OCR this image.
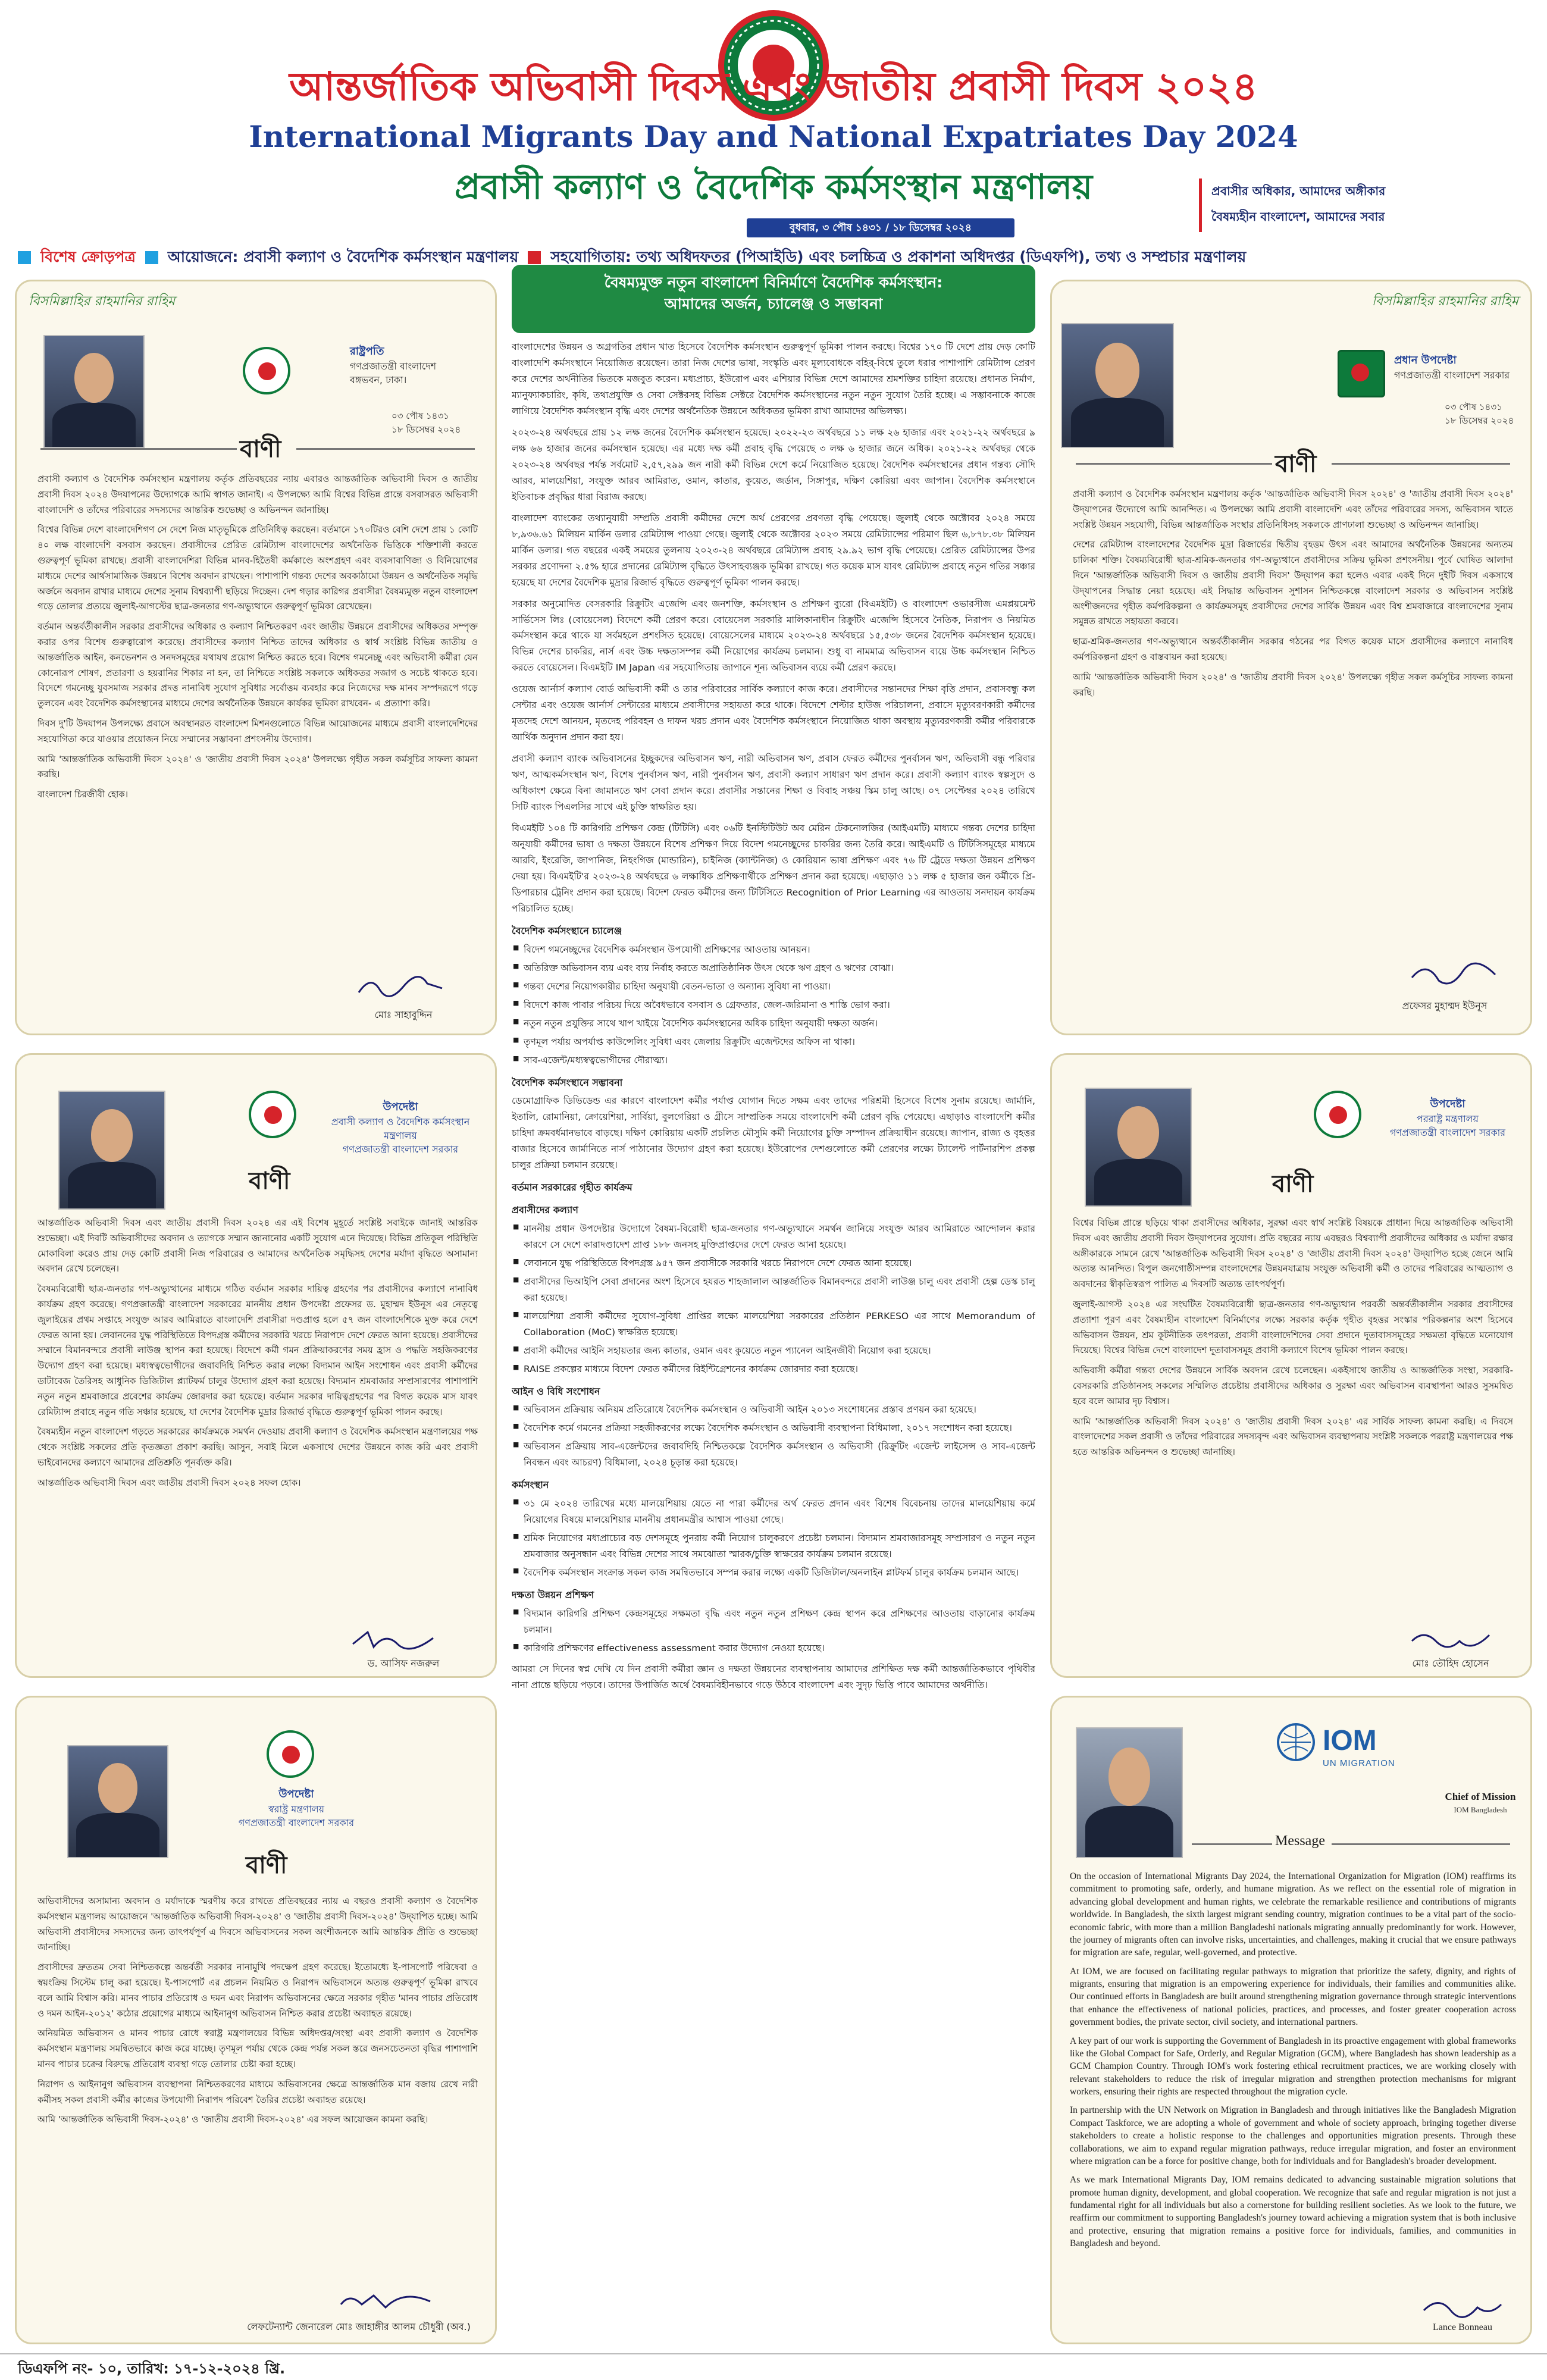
আন্তর্জাতিক অভিবাসী দিবস এবং জাতীয় প্রবাসী দিবস ২০২৪
International Migrants Day and National Expatriates Day 2024
প্রবাসী কল্যাণ ও বৈদেশিক কর্মসংস্থান মন্ত্রণালয়	প্রবাসীর অধিকার, আমাদের অঙ্গীকার
বৈষম্যহীন বাংলাদেশ, আমাদের সবার
বুধবার, ৩ পৌষ ১৪৩১ / ১৮ ডিসেম্বর ২০২৪
বিশেষ ক্রোড়পত্র আয়োজনে: প্রবাসী কল্যাণ ও বৈদেশিক কর্মসংস্থান মন্ত্রণালয় সহযোগিতায়: তথ্য অধিদফতর (পিআইডি) এবং চলচ্চিত্র ও প্রকাশনা অধিদপ্তর (ডিএফপি), তথ্য ও সম্প্রচার মন্ত্রণালয়
বিসমিল্লাহির রাহমানির রাহিম
রাষ্ট্রপতি
গণপ্রজাতন্ত্রী বাংলাদেশ
বঙ্গভবন, ঢাকা।
০৩ পৌষ ১৪৩১
১৮ ডিসেম্বর ২০২৪
বাণী

প্রবাসী কল্যাণ ও বৈদেশিক কর্মসংস্থান মন্ত্রণালয় কর্তৃক প্রতিবছরের ন্যায় এবারও আন্তর্জাতিক অভিবাসী দিবস ও জাতীয় প্রবাসী দিবস ২০২৪ উদযাপনের উদ্যোগকে আমি স্বাগত জানাই। এ উপলক্ষ্যে আমি বিশ্বের বিভিন্ন প্রান্তে বসবাসরত অভিবাসী বাংলাদেশি ও তাঁদের পরিবারের সদস্যদের আন্তরিক শুভেচ্ছা ও অভিনন্দন জানাচ্ছি।

বিশ্বের বিভিন্ন দেশে বাংলাদেশিগণ সে দেশে নিজ মাতৃভূমিকে প্রতিনিধিত্ব করছেন। বর্তমানে ১৭০টিরও বেশি দেশে প্রায় ১ কোটি ৪০ লক্ষ বাংলাদেশি বসবাস করছেন। প্রবাসীদের প্রেরিত রেমিট্যান্স বাংলাদেশের অর্থনৈতিক ভিত্তিকে শক্তিশালী করতে গুরুত্বপূর্ণ ভূমিকা রাখছে। প্রবাসী বাংলাদেশিরা বিভিন্ন মানব-হিতৈষী কর্মকাণ্ডে অংশগ্রহণ এবং ব্যবসাবাণিজ্য ও বিনিয়োগের মাধ্যমে দেশের আর্থসামাজিক উন্নয়নে বিশেষ অবদান রাখছেন। পাশাপাশি গন্তব্য দেশের অবকাঠামো উন্নয়ন ও অর্থনৈতিক সমৃদ্ধি অর্জনে অবদান রাখার মাধ্যমে দেশের সুনাম বিশ্বব্যাপী ছড়িয়ে দিচ্ছেন। দেশ গড়ার কারিগর প্রবাসীরা বৈষম্যমুক্ত নতুন বাংলাদেশ গড়ে তোলার প্রত্যয়ে জুলাই-আগস্টের ছাত্র-জনতার গণ-অভ্যুত্থানে গুরুত্বপূর্ণ ভূমিকা রেখেছেন।

বর্তমান অন্তর্বর্তীকালীন সরকার প্রবাসীদের অধিকার ও কল্যাণ নিশ্চিতকরণ এবং জাতীয় উন্নয়নে প্রবাসীদের অধিকতর সম্পৃক্ত করার ওপর বিশেষ গুরুত্বারোপ করেছে। প্রবাসীদের কল্যাণ নিশ্চিত তাদের অধিকার ও স্বার্থ সংশ্লিষ্ট বিভিন্ন জাতীয় ও আন্তর্জাতিক আইন, কনভেনশন ও সনদসমূহের যথাযথ প্রয়োগ নিশ্চিত করতে হবে। বিশেষ গমনেচ্ছু এবং অভিবাসী কর্মীরা যেন কোনোরূপ শোষণ, প্রতারণা ও হয়রানির শিকার না হন, তা নিশ্চিতে সংশ্লিষ্ট সকলকে অধিকতর সজাগ ও সচেষ্ট থাকতে হবে। বিদেশে গমনেচ্ছু যুবসমাজ সরকার প্রদত্ত নানাবিধ সুযোগ সুবিধার সর্বোত্তম ব্যবহার করে নিজেদের দক্ষ মানব সম্পদরূপে গড়ে তুলবেন এবং বৈদেশিক কর্মসংস্থানের মাধ্যমে দেশের অর্থনৈতিক উন্নয়নে কার্যকর ভূমিকা রাখবেন- এ প্রত্যাশা করি।

দিবস দু'টি উদযাপন উপলক্ষ্যে প্রবাসে অবস্থানরত বাংলাদেশ মিশনগুলোতে বিভিন্ন আয়োজনের মাধ্যমে প্রবাসী বাংলাদেশিদের সহযোগিতা করে যাওয়ার প্রয়োজন নিয়ে সম্মানের সম্ভাবনা প্রশংসনীয় উদ্যোগ।

আমি 'আন্তর্জাতিক অভিবাসী দিবস ২০২৪' ও 'জাতীয় প্রবাসী দিবস ২০২৪' উপলক্ষ্যে গৃহীত সকল কর্মসূচির সাফল্য কামনা করছি।

বাংলাদেশ চিরজীবী হোক।

মোঃ সাহাবুদ্দিন
বিসমিল্লাহির রাহমানির রাহিম
প্রধান উপদেষ্টা
গণপ্রজাতন্ত্রী বাংলাদেশ সরকার
০৩ পৌষ ১৪৩১
১৮ ডিসেম্বর ২০২৪
বাণী

প্রবাসী কল্যাণ ও বৈদেশিক কর্মসংস্থান মন্ত্রণালয় কর্তৃক 'আন্তর্জাতিক অভিবাসী দিবস ২০২৪' ও 'জাতীয় প্রবাসী দিবস ২০২৪' উদ্‌যাপনের উদ্যোগে আমি আনন্দিত। এ উপলক্ষ্যে আমি প্রবাসী বাংলাদেশি এবং তাঁদের পরিবারের সদস্য, অভিবাসন খাতে সংশ্লিষ্ট উন্নয়ন সহযোগী, বিভিন্ন আন্তর্জাতিক সংস্থার প্রতিনিধিসহ সকলকে প্রাণঢালা শুভেচ্ছা ও অভিনন্দন জানাচ্ছি।

দেশের রেমিট্যান্স বাংলাদেশের বৈদেশিক মুদ্রা রিজার্ভের দ্বিতীয় বৃহত্তম উৎস এবং আমাদের অর্থনৈতিক উন্নয়নের অন্যতম চালিকা শক্তি। বৈষম্যবিরোধী ছাত্র-শ্রমিক-জনতার গণ-অভ্যুত্থানে প্রবাসীদের সক্রিয় ভূমিকা প্রশংসনীয়। পূর্বে ঘোষিত আলাদা দিনে 'আন্তর্জাতিক অভিবাসী দিবস ও জাতীয় প্রবাসী দিবস' উদ্‌যাপন করা হলেও এবার একই দিনে দুইটি দিবস একসাথে উদ্‌যাপনের সিদ্ধান্ত নেয়া হয়েছে। এই সিদ্ধান্ত অভিবাসন সুশাসন নিশ্চিতকল্পে বাংলাদেশ সরকার ও অভিবাসন সংশ্লিষ্ট অংশীজনদের গৃহীত কর্মপরিকল্পনা ও কার্যক্রমসমূহ প্রবাসীদের দেশের সার্বিক উন্নয়ন এবং বিশ্ব শ্রমবাজারে বাংলাদেশের সুনাম সমুন্নত রাখতে সহায়তা করবে।

ছাত্র-শ্রমিক-জনতার গণ-অভ্যুত্থানে অন্তর্বর্তীকালীন সরকার গঠনের পর বিগত কয়েক মাসে প্রবাসীদের কল্যাণে নানাবিধ কর্মপরিকল্পনা গ্রহণ ও বাস্তবায়ন করা হয়েছে।

আমি 'আন্তর্জাতিক অভিবাসী দিবস ২০২৪' ও 'জাতীয় প্রবাসী দিবস ২০২৪' উপলক্ষ্যে গৃহীত সকল কর্মসূচির সাফল্য কামনা করছি।

প্রফেসর মুহাম্মদ ইউনূস
উপদেষ্টা
প্রবাসী কল্যাণ ও বৈদেশিক কর্মসংস্থান মন্ত্রণালয়
গণপ্রজাতন্ত্রী বাংলাদেশ সরকার
বাণী

আন্তর্জাতিক অভিবাসী দিবস এবং জাতীয় প্রবাসী দিবস ২০২৪ এর এই বিশেষ মুহূর্তে সংশ্লিষ্ট সবাইকে জানাই আন্তরিক শুভেচ্ছা। এই দিবটি অভিবাসীদের অবদান ও ত্যাগকে সম্মান জানানোর একটি সুযোগ এনে দিয়েছে। বিভিন্ন প্রতিকূল পরিস্থিতি মোকাবিলা করেও প্রায় দেড় কোটি প্রবাসী নিজ পরিবারের ও আমাদের অর্থনৈতিক সমৃদ্ধিসহ দেশের মর্যাদা বৃদ্ধিতে অসামান্য অবদান রেখে চলেছেন।

বৈষম্যবিরোধী ছাত্র-জনতার গণ-অভ্যুত্থানের মাধ্যমে গঠিত বর্তমান সরকার দায়িত্ব গ্রহণের পর প্রবাসীদের কল্যাণে নানাবিধ কার্যক্রম গ্রহণ করেছে। গণপ্রজাতন্ত্রী বাংলাদেশ সরকারের মাননীয় প্রধান উপদেষ্টা প্রফেসর ড. মুহাম্মদ ইউনূস এর নেতৃত্বে জুলাইয়ের প্রথম সপ্তাহে সংযুক্ত আরব আমিরাতে বাংলাদেশি প্রবাসীরা দণ্ডপ্রাপ্ত হলে ৫৭ জন বাংলাদেশিকে মুক্ত করে দেশে ফেরত আনা হয়। লেবাননের যুদ্ধ পরিস্থিতিতে বিপদগ্রস্ত কর্মীদের সরকারি খরচে নিরাপদে দেশে ফেরত আনা হয়েছে। প্রবাসীদের সম্মানে বিমানবন্দরে প্রবাসী লাউঞ্জ স্থাপন করা হয়েছে। বিদেশে কর্মী গমন প্রক্রিয়াকরণের সময় হ্রাস ও পদ্ধতি সহজিকরণের উদ্যোগ গ্রহণ করা হয়েছে। মধ্যস্বত্বভোগীদের জবাবদিহি নিশ্চিত করার লক্ষ্যে বিদ্যমান আইন সংশোধন এবং প্রবাসী কর্মীদের ডাটাবেজ তৈরিসহ আধুনিক ডিজিটাল প্ল্যাটফর্ম চালুর উদ্যোগ গ্রহণ করা হয়েছে। বিদ্যমান শ্রমবাজার সম্প্রসারণের পাশাপাশি নতুন নতুন শ্রমবাজারে প্রবেশের কার্যক্রম জোরদার করা হয়েছে। বর্তমান সরকার দায়িত্বগ্রহণের পর বিগত কয়েক মাস যাবৎ রেমিট্যান্স প্রবাহে নতুন গতি সঞ্চার হয়েছে, যা দেশের বৈদেশিক মুদ্রার রিজার্ভ বৃদ্ধিতে গুরুত্বপূর্ণ ভূমিকা পালন করছে।

বৈষম্যহীন নতুন বাংলাদেশ গড়তে সরকারের কার্যক্রমকে সমর্থন দেওয়ায় প্রবাসী কল্যাণ ও বৈদেশিক কর্মসংস্থান মন্ত্রণালয়ের পক্ষ থেকে সংশ্লিষ্ট সকলের প্রতি কৃতজ্ঞতা প্রকাশ করছি। আসুন, সবাই মিলে একসাথে দেশের উন্নয়নে কাজ করি এবং প্রবাসী ভাইবোনদের কল্যাণে আমাদের প্রতিশ্রুতি পূনর্ব্যক্ত করি।

আন্তর্জাতিক অভিবাসী দিবস এবং জাতীয় প্রবাসী দিবস ২০২৪ সফল হোক।

ড. আসিফ নজরুল
উপদেষ্টা
পররাষ্ট্র মন্ত্রণালয়
গণপ্রজাতন্ত্রী বাংলাদেশ সরকার
বাণী

বিশ্বের বিভিন্ন প্রান্তে ছড়িয়ে থাকা প্রবাসীদের অধিকার, সুরক্ষা এবং স্বার্থ সংশ্লিষ্ট বিষয়কে প্রাধান্য দিয়ে আন্তর্জাতিক অভিবাসী দিবস এবং জাতীয় প্রবাসী দিবস উদ্‌যাপনের সুযোগ। প্রতি বছরের ন্যায় এবছরও বিশ্বব্যাপী প্রবাসীদের অধিকার ও মর্যাদা রক্ষার অঙ্গীকারকে সামনে রেখে 'আন্তর্জাতিক অভিবাসী দিবস ২০২৪' ও 'জাতীয় প্রবাসী দিবস ২০২৪' উদ্‌যাপিত হচ্ছে জেনে আমি অত্যন্ত আনন্দিত। বিপুল জনগোষ্ঠীসম্পন্ন বাংলাদেশের উন্নয়নযাত্রায় সংযুক্ত অভিবাসী কর্মী ও তাদের পরিবারের আত্মত্যাগ ও অবদানের স্বীকৃতিস্বরূপ পালিত এ দিবসটি অত্যন্ত তাৎপর্যপূর্ণ।

জুলাই-আগস্ট ২০২৪ এর সংঘটিত বৈষম্যবিরোধী ছাত্র-জনতার গণ-অভ্যুত্থান পরবর্তী অন্তর্বর্তীকালীন সরকার প্রবাসীদের প্রত্যাশা পূরণ এবং বৈষম্যহীন বাংলাদেশ বিনির্মাণের লক্ষ্যে সরকার কর্তৃক গৃহীত বৃহত্তর সংস্কার পরিকল্পনার অংশ হিসেবে অভিবাসন উন্নয়ন, শ্রম কূটনীতিক তৎপরতা, প্রবাসী বাংলাদেশিদের সেবা প্রদানে দূতাবাসসমূহের সক্ষমতা বৃদ্ধিতে মনোযোগ দিয়েছে। বিশ্বের বিভিন্ন দেশে বাংলাদেশ দূতাবাসসমূহ প্রবাসী কল্যাণে বিশেষ ভূমিকা পালন করছে।

অভিবাসী কর্মীরা গন্তব্য দেশের উন্নয়নে সার্বিক অবদান রেখে চলেছেন। একইসাথে জাতীয় ও আন্তর্জাতিক সংস্থা, সরকারি-বেসরকারি প্রতিষ্ঠানসহ সকলের সম্মিলিত প্রচেষ্টায় প্রবাসীদের অধিকার ও সুরক্ষা এবং অভিবাসন ব্যবস্থাপনা আরও সুসমন্বিত হবে বলে আমার দৃঢ় বিশ্বাস।

আমি 'আন্তর্জাতিক অভিবাসী দিবস ২০২৪' ও 'জাতীয় প্রবাসী দিবস ২০২৪' এর সার্বিক সাফল্য কামনা করছি। এ দিবসে বাংলাদেশের সকল প্রবাসী ও তাঁদের পরিবারের সদস্যবৃন্দ এবং অভিবাসন ব্যবস্থাপনায় সংশ্লিষ্ট সকলকে পররাষ্ট্র মন্ত্রণালয়ের পক্ষ হতে আন্তরিক অভিনন্দন ও শুভেচ্ছা জানাচ্ছি।

মোঃ তৌহিদ হোসেন
উপদেষ্টা
স্বরাষ্ট্র মন্ত্রণালয়
গণপ্রজাতন্ত্রী বাংলাদেশ সরকার
বাণী

অভিবাসীদের অসামান্য অবদান ও মর্যাদাকে স্মরণীয় করে রাখতে প্রতিবছরের ন্যায় এ বছরও প্রবাসী কল্যাণ ও বৈদেশিক কর্মসংস্থান মন্ত্রণালয় আয়োজনে 'আন্তর্জাতিক অভিবাসী দিবস-২০২৪' ও 'জাতীয় প্রবাসী দিবস-২০২৪' উদ্‌যাপিত হচ্ছে। আমি অভিবাসী প্রবাসীদের সদস্যদের জন্য তাৎপর্যপূর্ণ এ দিবসে অভিবাসনের সকল অংশীজনকে আমি আন্তরিক প্রীতি ও শুভেচ্ছা জানাচ্ছি।

প্রবাসীদের দ্রুততম সেবা নিশ্চিতকল্পে অন্তর্বর্তী সরকার নানামুখি পদক্ষেপ গ্রহণ করেছে। ইতোমধ্যে ই-পাসপোর্ট পরিষেবা ও স্বয়ংক্রিয় সিস্টেম চালু করা হয়েছে। ই-পাসপোর্ট এর প্রচলন নিয়মিত ও নিরাপদ অভিবাসনে অত্যন্ত গুরুত্বপূর্ণ ভূমিকা রাখবে বলে আমি বিশ্বাস করি। মানব পাচার প্রতিরোধ ও দমন এবং নিরাপদ অভিবাসনের ক্ষেত্রে সরকার গৃহীত 'মানব পাচার প্রতিরোধ ও দমন আইন-২০১২' কঠোর প্রয়োগের মাধ্যমে আইনানুগ অভিবাসন নিশ্চিত করার প্রচেষ্টা অব্যাহত রয়েছে।

অনিয়মিত অভিবাসন ও মানব পাচার রোধে স্বরাষ্ট্র মন্ত্রণালয়ের বিভিন্ন অধিদপ্তর/সংস্থা এবং প্রবাসী কল্যাণ ও বৈদেশিক কর্মসংস্থান মন্ত্রণালয় সমন্বিতভাবে কাজ করে যাচ্ছে। তৃণমূল পর্যায় থেকে কেন্দ্র পর্যন্ত সকল স্তরে জনসচেতনতা বৃদ্ধির পাশাপাশি মানব পাচার চক্রের বিরুদ্ধে প্রতিরোধ ব্যবস্থা গড়ে তোলার চেষ্টা করা হচ্ছে।

নিরাপদ ও আইনানুগ অভিবাসন ব্যবস্থাপনা নিশ্চিতকরণের মাধ্যমে অভিবাসনের ক্ষেত্রে আন্তর্জাতিক মান বজায় রেখে নারী কর্মীসহ সকল প্রবাসী কর্মীর কাজের উপযোগী নিরাপদ পরিবেশ তৈরির প্রচেষ্টা অব্যাহত রয়েছে।

আমি 'আন্তর্জাতিক অভিবাসী দিবস-২০২৪' ও 'জাতীয় প্রবাসী দিবস-২০২৪' এর সফল আয়োজন কামনা করছি।

লেফটেন্যান্ট জেনারেল মোঃ জাহাঙ্গীর আলম চৌধুরী (অব.)
IOM
UN MIGRATION
Chief of Mission
IOM Bangladesh
Message

On the occasion of International Migrants Day 2024, the International Organization for Migration (IOM) reaffirms its commitment to promoting safe, orderly, and humane migration. As we reflect on the essential role of migration in advancing global development and human rights, we celebrate the remarkable resilience and contributions of migrants worldwide. In Bangladesh, the sixth largest migrant sending country, migration continues to be a vital part of the socio-economic fabric, with more than a million Bangladeshi nationals migrating annually predominantly for work. However, the journey of migrants often can involve risks, uncertainties, and challenges, making it crucial that we ensure pathways for migration are safe, regular, well-governed, and protective.

At IOM, we are focused on facilitating regular pathways to migration that prioritize the safety, dignity, and rights of migrants, ensuring that migration is an empowering experience for individuals, their families and communities alike. Our continued efforts in Bangladesh are built around strengthening migration governance through strategic interventions that enhance the effectiveness of national policies, practices, and processes, and foster greater cooperation across government bodies, the private sector, civil society, and international partners.

A key part of our work is supporting the Government of Bangladesh in its proactive engagement with global frameworks like the Global Compact for Safe, Orderly, and Regular Migration (GCM), where Bangladesh has shown leadership as a GCM Champion Country. Through IOM's work fostering ethical recruitment practices, we are working closely with relevant stakeholders to reduce the risk of irregular migration and strengthen protection mechanisms for migrant workers, ensuring their rights are respected throughout the migration cycle.

In partnership with the UN Network on Migration in Bangladesh and through initiatives like the Bangladesh Migration Compact Taskforce, we are adopting a whole of government and whole of society approach, bringing together diverse stakeholders to create a holistic response to the challenges and opportunities migration presents. Through these collaborations, we aim to expand regular migration pathways, reduce irregular migration, and foster an environment where migration can be a force for positive change, both for individuals and for Bangladesh's broader development.

As we mark International Migrants Day, IOM remains dedicated to advancing sustainable migration solutions that promote human dignity, development, and global cooperation. We recognize that safe and regular migration is not just a fundamental right for all individuals but also a cornerstone for building resilient societies. As we look to the future, we reaffirm our commitment to supporting Bangladesh's journey toward achieving a migration system that is both inclusive and protective, ensuring that migration remains a positive force for individuals, families, and communities in Bangladesh and beyond.

Lance Bonneau
বৈষম্যমুক্ত নতুন বাংলাদেশ বিনির্মাণে বৈদেশিক কর্মসংস্থান:
আমাদের অর্জন, চ্যালেঞ্জ ও সম্ভাবনা

বাংলাদেশের উন্নয়ন ও অগ্রগতির প্রধান খাত হিসেবে বৈদেশিক কর্মসংস্থান গুরুত্বপূর্ণ ভূমিকা পালন করছে। বিশ্বের ১৭০ টি দেশে প্রায় দেড় কোটি বাংলাদেশি কর্মসংস্থানে নিয়োজিত রয়েছেন। তারা নিজ দেশের ভাষা, সংস্কৃতি এবং মূল্যবোধকে বহির্-বিশ্বে তুলে ধরার পাশাপাশি রেমিট্যান্স প্রেরণ করে দেশের অর্থনীতির ভিতকে মজবুত করেন। মধ্যপ্রাচ্য, ইউরোপ এবং এশিয়ার বিভিন্ন দেশে আমাদের শ্রমশক্তির চাহিদা রয়েছে। প্রধানত নির্মাণ, ম্যানুফ্যাকচারিং, কৃষি, তথ্যপ্রযুক্তি ও সেবা সেক্টরসহ বিভিন্ন সেক্টরে বৈদেশিক কর্মসংস্থানের নতুন নতুন সুযোগ তৈরি হচ্ছে। এ সম্ভাবনাকে কাজে লাগিয়ে বৈদেশিক কর্মসংস্থান বৃদ্ধি এবং দেশের অর্থনৈতিক উন্নয়নে অধিকতর ভূমিকা রাখা আমাদের অভিলক্ষ্য।

২০২৩-২৪ অর্থবছরে প্রায় ১২ লক্ষ জনের বৈদেশিক কর্মসংস্থান হয়েছে। ২০২২-২৩ অর্থবছরে ১১ লক্ষ ২৬ হাজার এবং ২০২১-২২ অর্থবছরে ৯ লক্ষ ৬৬ হাজার জনের কর্মসংস্থান হয়েছে। এর মধ্যে দক্ষ কর্মী প্রবাহ বৃদ্ধি পেয়েছে ৩ লক্ষ ৬ হাজার জনে অধিক। ২০২১-২২ অর্থবছর থেকে ২০২৩-২৪ অর্থবছর পর্যন্ত সর্বমোট ২,৫৭,২৯৯ জন নারী কর্মী বিভিন্ন দেশে কর্মে নিয়োজিত হয়েছে। বৈদেশিক কর্মসংস্থানের প্রধান গন্তব্য সৌদি আরব, মালয়েশিয়া, সংযুক্ত আরব আমিরাত, ওমান, কাতার, কুয়েত, জর্ডান, সিঙ্গাপুর, দক্ষিণ কোরিয়া এবং জাপান। বৈদেশিক কর্মসংস্থানে ইতিবাচক প্রবৃদ্ধির ধারা বিরাজ করছে।

বাংলাদেশ ব্যাংকের তথ্যানুযায়ী সম্প্রতি প্রবাসী কর্মীদের দেশে অর্থ প্রেরণের প্রবণতা বৃদ্ধি পেয়েছে। জুলাই থেকে অক্টোবর ২০২৪ সময়ে ৮,৯৩৬.৬১ মিলিয়ন মার্কিন ডলার রেমিট্যান্স পাওয়া গেছে। জুলাই থেকে অক্টোবর ২০২৩ সময়ে রেমিট্যান্সের পরিমাণ ছিল ৬,৮৭৮.৩৮ মিলিয়ন মার্কিন ডলার। গত বছরের একই সময়ের তুলনায় ২০২৩-২৪ অর্থবছরে রেমিট্যান্স প্রবাহ ২৯.৯২ ভাগ বৃদ্ধি পেয়েছে। প্রেরিত রেমিট্যান্সের উপর সরকার প্রণোদনা ২.৫% হারে প্রদানের রেমিট্যান্স বৃদ্ধিতে উৎসাহব্যঞ্জক ভূমিকা রাখছে। গত কয়েক মাস যাবৎ রেমিট্যান্স প্রবাহে নতুন গতির সঞ্চার হয়েছে যা দেশের বৈদেশিক মুদ্রার রিজার্ভ বৃদ্ধিতে গুরুত্বপূর্ণ ভূমিকা পালন করছে।

সরকার অনুমোদিত বেসরকারি রিক্রুটিং এজেন্সি এবং জনশক্তি, কর্মসংস্থান ও প্রশিক্ষণ ব্যুরো (বিএমইটি) ও বাংলাদেশ ওভারসীজ এমপ্লয়মেন্ট সার্ভিসেস লিঃ (বোয়েসেল) বিদেশে কর্মী প্রেরণ করে। বোয়েসেল সরকারি মালিকানাধীন রিক্রুটিং এজেন্সি হিসেবে নৈতিক, নিরাপদ ও নিয়মিত কর্মসংস্থান করে থাকে যা সর্বমহলে প্রশংসিত হয়েছে। বোয়েসেলের মাধ্যমে ২০২৩-২৪ অর্থবছরে ১৫,৫৩৮ জনের বৈদেশিক কর্মসংস্থান হয়েছে। বিভিন্ন দেশের চাকরির, নার্স এবং উচ্চ দক্ষতাসম্পন্ন কর্মী নিয়োগের কার্যক্রম চলমান। শুধু বা নামমাত্র অভিবাসন ব্যয়ে উচ্চ কর্মসংস্থান নিশ্চিত করতে বোয়েসেল। বিএমইটি IM Japan এর সহযোগিতায় জাপানে শূন্য অভিবাসন ব্যয়ে কর্মী প্রেরণ করছে।

ওয়েজ আর্নার্স কল্যাণ বোর্ড অভিবাসী কর্মী ও তার পরিবারের সার্বিক কল্যাণে কাজ করে। প্রবাসীদের সন্তানদের শিক্ষা বৃত্তি প্রদান, প্রবাসবন্ধু কল সেন্টার এবং ওয়েজ আর্নার্স সেন্টারের মাধ্যমে প্রবাসীদের সহায়তা করে থাকে। বিদেশে শেল্টার হাউজ পরিচালনা, প্রবাসে মৃত্যুবরণকারী কর্মীদের মৃতদেহ দেশে আনয়ন, মৃতদেহ পরিবহন ও দাফন খরচ প্রদান এবং বৈদেশিক কর্মসংস্থানে নিয়োজিত থাকা অবস্থায় মৃত্যুবরণকারী কর্মীর পরিবারকে আর্থিক অনুদান প্রদান করা হয়।

প্রবাসী কল্যাণ ব্যাংক অভিবাসনের ইচ্ছুকদের অভিবাসন ঋণ, নারী অভিবাসন ঋণ, প্রবাস ফেরত কর্মীদের পুনর্বাসন ঋণ, অভিবাসী বন্ধু পরিবার ঋণ, আত্মকর্মসংস্থান ঋণ, বিশেষ পুনর্বাসন ঋণ, নারী পুনর্বাসন ঋণ, প্রবাসী কল্যাণ সাধারণ ঋণ প্রদান করে। প্রবাসী কল্যাণ ব্যাংক স্বল্পসুদে ও অধিকাংশ ক্ষেত্রে বিনা জামানতে ঋণ সেবা প্রদান করে। প্রবাসীর সন্তানের শিক্ষা ও বিবাহ সঞ্চয় স্কিম চালু আছে। ০৭ সেপ্টেম্বর ২০২৪ তারিখে সিটি ব্যাংক পিএলসির সাথে এই চুক্তি স্বাক্ষরিত হয়।

বিএমইটি ১০৪ টি কারিগরি প্রশিক্ষণ কেন্দ্র (টিটিসি) এবং ০৬টি ইনস্টিটিউট অব মেরিন টেকনোলজির (আইএমটি) মাধ্যমে গন্তব্য দেশের চাহিদা অনুযায়ী কর্মীদের ভাষা ও দক্ষতা উন্নয়নে বিশেষ প্রশিক্ষণ দিয়ে বিদেশ গমনেচ্ছুদের চাকরির জন্য তৈরি করে। আইএমটি ও টিটিসিসমূহের মাধ্যমে আরবি, ইংরেজি, জাপানিজ, নিহংগিজ (মান্ডারিন), চাইনিজ (ক্যান্টনিজ) ও কোরিয়ান ভাষা প্রশিক্ষণ এবং ৭৬ টি ট্রেডে দক্ষতা উন্নয়ন প্রশিক্ষণ দেয়া হয়। বিএমইটি'র ২০২৩-২৪ অর্থবছরে ৬ লক্ষাধিক প্রশিক্ষণার্থীকে প্রশিক্ষণ প্রদান করা হয়েছে। এছাড়াও ১১ লক্ষ ৫ হাজার জন কর্মীকে প্রি-ডিপারচার ট্রেনিং প্রদান করা হয়েছে। বিদেশ ফেরত কর্মীদের জন্য টিটিসিতে Recognition of Prior Learning এর আওতায় সনদায়ন কার্যক্রম পরিচালিত হচ্ছে।

বৈদেশিক কর্মসংস্থানে চ্যালেঞ্জ
■ বিদেশ গমনেচ্ছুদের বৈদেশিক কর্মসংস্থান উপযোগী প্রশিক্ষণের আওতায় আনয়ন।
■ অতিরিক্ত অভিবাসন ব্যয় এবং ব্যয় নির্বাহ করতে অপ্রাতিষ্ঠানিক উৎস থেকে ঋণ গ্রহণ ও ঋণের বোঝা।
■ গন্তব্য দেশের নিয়োগকারীর চাহিদা অনুযায়ী বেতন-ভাতা ও অন্যান্য সুবিধা না পাওয়া।
■ বিদেশে কাজ পাবার পরিচয় দিয়ে অবৈধভাবে বসবাস ও গ্রেফতার, জেল-জরিমানা ও শাস্তি ভোগ করা।
■ নতুন নতুন প্রযুক্তির সাথে খাপ খাইয়ে বৈদেশিক কর্মসংস্থানের অধিক চাহিদা অনুযায়ী দক্ষতা অর্জন।
■ তৃণমূল পর্যায় অপর্যাপ্ত কাউন্সেলিং সুবিধা এবং জেলায় রিক্রুটিং এজেন্টদের অফিস না থাকা।
■ সাব-এজেন্ট/মধ্যস্বত্বভোগীদের দৌরাত্ম্য।
বৈদেশিক কর্মসংস্থানে সম্ভাবনা

ডেমোগ্রাফিক ডিভিডেন্ড এর কারণে বাংলাদেশ কর্মীর পর্যাপ্ত যোগান দিতে সক্ষম এবং তাদের পরিশ্রমী হিসেবে বিশেষ সুনাম রয়েছে। জার্মানি, ইতালি, রোমানিয়া, ক্রোয়েশিয়া, সার্বিয়া, বুলগেরিয়া ও গ্রীসে সাম্প্রতিক সময়ে বাংলাদেশি কর্মী প্রেরণ বৃদ্ধি পেয়েছে। এছাড়াও বাংলাদেশি কর্মীর চাহিদা ক্রমবর্ধমানভাবে বাড়ছে। দক্ষিণ কোরিয়ায় একটি প্রচলিত মৌসুমি কর্মী নিয়োগের চুক্তি সম্পাদন প্রক্রিয়াধীন রয়েছে। জাপান, রাজ্য ও বৃহত্তর বাজার হিসেবে জার্মানিতে নার্স পাঠানোর উদ্যোগ গ্রহণ করা হয়েছে। ইউরোপের দেশগুলোতে কর্মী প্রেরণের লক্ষ্যে ট্যালেন্ট পার্টনারশিপ প্রকল্প চালুর প্রক্রিয়া চলমান রয়েছে।

বর্তমান সরকারের গৃহীত কার্যক্রম
প্রবাসীদের কল্যাণ
■ মাননীয় প্রধান উপদেষ্টার উদ্যোগে বৈষম্য-বিরোধী ছাত্র-জনতার গণ-অভ্যুত্থানে সমর্থন জানিয়ে সংযুক্ত আরব আমিরাতে আন্দোলন করার কারণে সে দেশে কারাদণ্ডাদেশ প্রাপ্ত ১৮৮ জনসহ মুক্তিপ্রাপ্তদের দেশে ফেরত আনা হয়েছে।
■ লেবাননে যুদ্ধ পরিস্থিতিতে বিপদগ্রস্ত ৯৫৭ জন প্রবাসীকে সরকারি খরচে নিরাপদে দেশে ফেরত আনা হয়েছে।
■ প্রবাসীদের ভিআইপি সেবা প্রদানের অংশ হিসেবে হযরত শাহজালাল আন্তর্জাতিক বিমানবন্দরে প্রবাসী লাউঞ্জ চালু এবং প্রবাসী হেল্প ডেস্ক চালু করা হয়েছে।
■ মালয়েশিয়া প্রবাসী কর্মীদের সুযোগ-সুবিধা প্রাপ্তির লক্ষ্যে মালয়েশিয়া সরকারের প্রতিষ্ঠান PERKESO এর সাথে Memorandum of Collaboration (MoC) স্বাক্ষরিত হয়েছে।
■ প্রবাসী কর্মীদের আইনি সহায়তার জন্য কাতার, ওমান এবং কুয়েতে নতুন প্যানেল আইনজীবী নিয়োগ করা হয়েছে।
■ RAISE প্রকল্পের মাধ্যমে বিদেশ ফেরত কর্মীদের রিইন্টিগ্রেশনের কার্যক্রম জোরদার করা হয়েছে।
আইন ও বিধি সংশোধন
■ অভিবাসন প্রক্রিয়ায় অনিয়ম প্রতিরোধে বৈদেশিক কর্মসংস্থান ও অভিবাসী আইন ২০১৩ সংশোধনের প্রস্তাব প্রণয়ন করা হয়েছে।
■ বৈদেশিক কর্মে গমনের প্রক্রিয়া সহজীকরণের লক্ষ্যে বৈদেশিক কর্মসংস্থান ও অভিবাসী ব্যবস্থাপনা বিধিমালা, ২০১৭ সংশোধন করা হয়েছে।
■ অভিবাসন প্রক্রিয়ায় সাব-এজেন্টদের জবাবদিহি নিশ্চিতকল্পে বৈদেশিক কর্মসংস্থান ও অভিবাসী (রিক্রুটিং এজেন্ট লাইসেন্স ও সাব-এজেন্ট নিবন্ধন এবং আচরণ) বিধিমালা, ২০২৪ চূড়ান্ত করা হয়েছে।
কর্মসংস্থান
■ ৩১ মে ২০২৪ তারিখের মধ্যে মালয়েশিয়ায় যেতে না পারা কর্মীদের অর্থ ফেরত প্রদান এবং বিশেষ বিবেচনায় তাদের মালয়েশিয়ায় কর্মে নিয়োগের বিষয়ে মালয়েশিয়ার মাননীয় প্রধানমন্ত্রীর আশ্বাস পাওয়া গেছে।
■ শ্রমিক নিয়োগের মধ্যপ্রাচ্যের বড় দেশসমূহে পুনরায় কর্মী নিয়োগ চালুকরণে প্রচেষ্টা চলমান। বিদ্যমান শ্রমবাজারসমূহ সম্প্রসারণ ও নতুন নতুন শ্রমবাজার অনুসন্ধান এবং বিভিন্ন দেশের সাথে সমঝোতা স্মারক/চুক্তি স্বাক্ষরের কার্যক্রম চলমান রয়েছে।
■ বৈদেশিক কর্মসংস্থান সংক্রান্ত সকল কাজ সমন্বিতভাবে সম্পন্ন করার লক্ষ্যে একটি ডিজিটাল/অনলাইন প্লাটফর্ম চালুর কার্যক্রম চলমান আছে।
দক্ষতা উন্নয়ন প্রশিক্ষণ
■ বিদ্যমান কারিগরি প্রশিক্ষণ কেন্দ্রসমূহের সক্ষমতা বৃদ্ধি এবং নতুন নতুন প্রশিক্ষণ কেন্দ্র স্থাপন করে প্রশিক্ষণের আওতায় বাড়ানোর কার্যক্রম চলমান।
■ কারিগরি প্রশিক্ষণের effectiveness assessment করার উদ্যোগ নেওয়া হয়েছে।

আমরা সে দিনের স্বপ্ন দেখি যে দিন প্রবাসী কর্মীরা জ্ঞান ও দক্ষতা উন্নয়নের ব্যবস্থাপনায় আমাদের প্রশিক্ষিত দক্ষ কর্মী আন্তর্জাতিকভাবে পৃথিবীর নানা প্রান্তে ছড়িয়ে পড়বে। তাদের উপার্জিত অর্থে বৈষম্যবিহীনভাবে গড়ে উঠবে বাংলাদেশ এবং সুদৃঢ় ভিত্তি পাবে আমাদের অর্থনীতি।

ডিএফপি নং- ১০, তারিখ: ১৭-১২-২০২৪ খ্রি.
